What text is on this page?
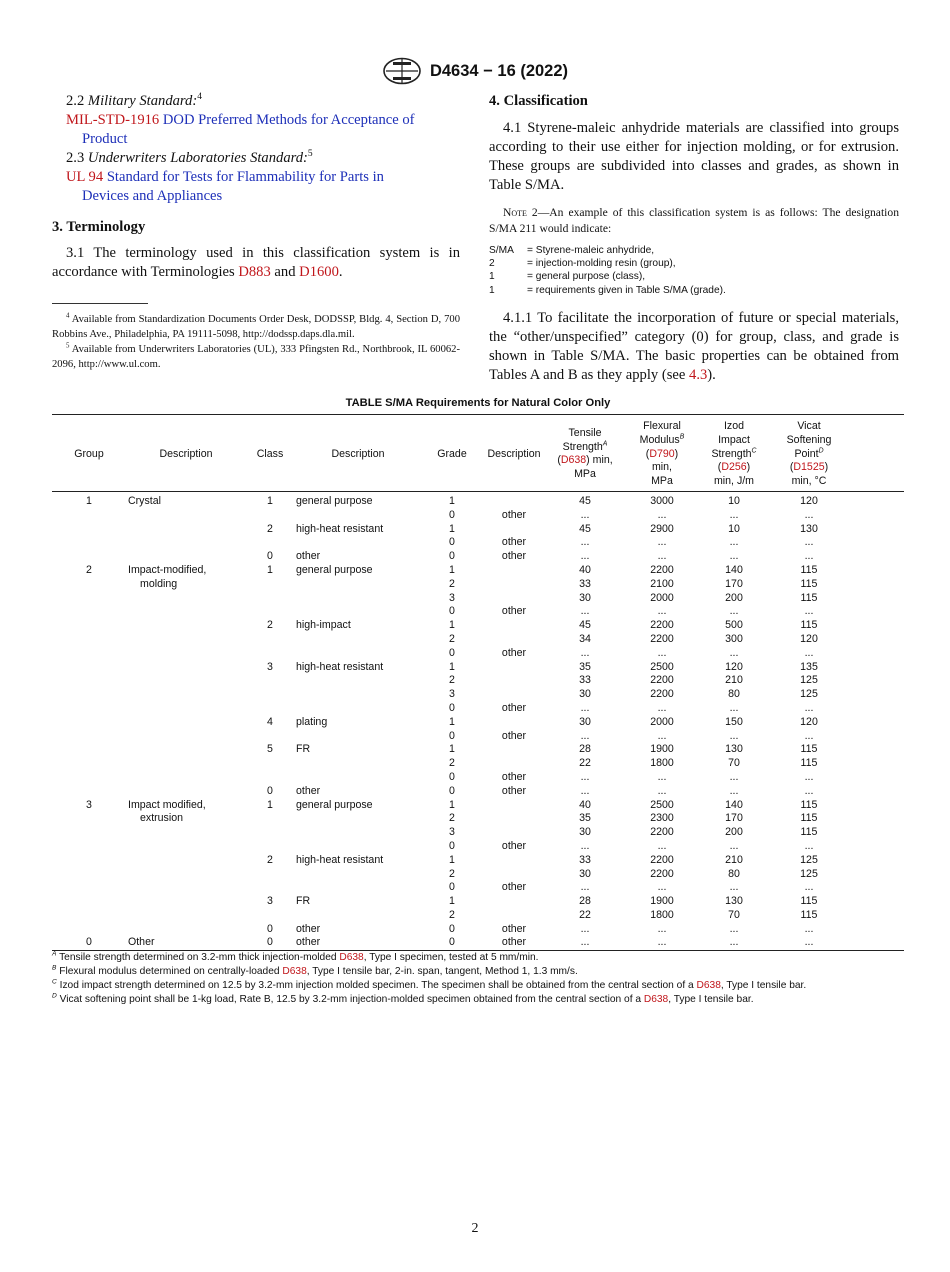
D4634 − 16 (2022)

2.2 Military Standard:$^4$

MIL-STD-1916 DOD Preferred Methods for Acceptance of
Product

2.3 Underwriters Laboratories Standard:$^5$

UL 94 Standard for Tests for Flammability for Parts in
Devices and Appliances

3. Terminology

3.1 The terminology used in this classification system is in accordance with Terminologies D883 and D1600.

$^4$ Available from Standardization Documents Order Desk, DODSSP, Bldg. 4, Section D, 700 Robbins Ave., Philadelphia, PA 19111-5098, http://dodssp.daps.dla.mil.

$^5$ Available from Underwriters Laboratories (UL), 333 Pfingsten Rd., Northbrook, IL 60062-2096, http://www.ul.com.

4. Classification

4.1 Styrene-maleic anhydride materials are classified into groups according to their use either for injection molding, or for extrusion. These groups are subdivided into classes and grades, as shown in Table S/MA.

Note 2—An example of this classification system is as follows: The designation S/MA 211 would indicate:

S/MA = Styrene-maleic anhydride,
2	= injection-molding resin (group),
1	= general purpose (class),
1	= requirements given in Table S/MA (grade).

4.1.1 To facilitate the incorporation of future or special materials, the “other/unspecified” category (0) for group, class, and grade is shown in Table S/MA. The basic properties can be obtained from Tables A and B as they apply (see 4.3).

TABLE S/MA Requirements for Natural Color Only
Group	Description	Class	Description	Grade	Description	Tensile
Strength$^A$
(D638) min,
MPa	Flexural
Modulus$^B$
(D790)
min,
MPa	Izod
Impact
Strength$^C$
(D256)
min, J/m	Vicat
Softening
Point$^D$
(D1525)
min, °C	
1	Crystal	1	general purpose	1		45	3000	10	120	
				0	other	...	...	...	...	
		2	high-heat resistant	1		45	2900	10	130	
				0	other	...	...	...	...	
		0	other	0	other	...	...	...	...	
2	Impact-modified,	1	general purpose	1		40	2200	140	115	
	molding			2		33	2100	170	115	
				3		30	2000	200	115	
				0	other	...	...	...	...	
		2	high-impact	1		45	2200	500	115	
				2		34	2200	300	120	
				0	other	...	...	...	...	
		3	high-heat resistant	1		35	2500	120	135	
				2		33	2200	210	125	
				3		30	2200	80	125	
				0	other	...	...	...	...	
		4	plating	1		30	2000	150	120	
				0	other	...	...	...	...	
		5	FR	1		28	1900	130	115	
				2		22	1800	70	115	
				0	other	...	...	...	...	
		0	other	0	other	...	...	...	...	
3	Impact modified,	1	general purpose	1		40	2500	140	115	
	extrusion			2		35	2300	170	115	
				3		30	2200	200	115	
				0	other	...	...	...	...	
		2	high-heat resistant	1		33	2200	210	125	
				2		30	2200	80	125	
				0	other	...	...	...	...	
		3	FR	1		28	1900	130	115	
				2		22	1800	70	115	
		0	other	0	other	...	...	...	...	
0	Other	0	other	0	other	...	...	...	...	
$^A$ Tensile strength determined on 3.2-mm thick injection-molded D638, Type I specimen, tested at 5 mm/min.
$^B$ Flexural modulus determined on centrally-loaded D638, Type I tensile bar, 2-in. span, tangent, Method 1, 1.3 mm/s.
$^C$ Izod impact strength determined on 12.5 by 3.2-mm injection molded specimen. The specimen shall be obtained from the central section of a D638, Type I tensile bar.
$^D$ Vicat softening point shall be 1-kg load, Rate B, 12.5 by 3.2-mm injection-molded specimen obtained from the central section of a D638, Type I tensile bar.
2
